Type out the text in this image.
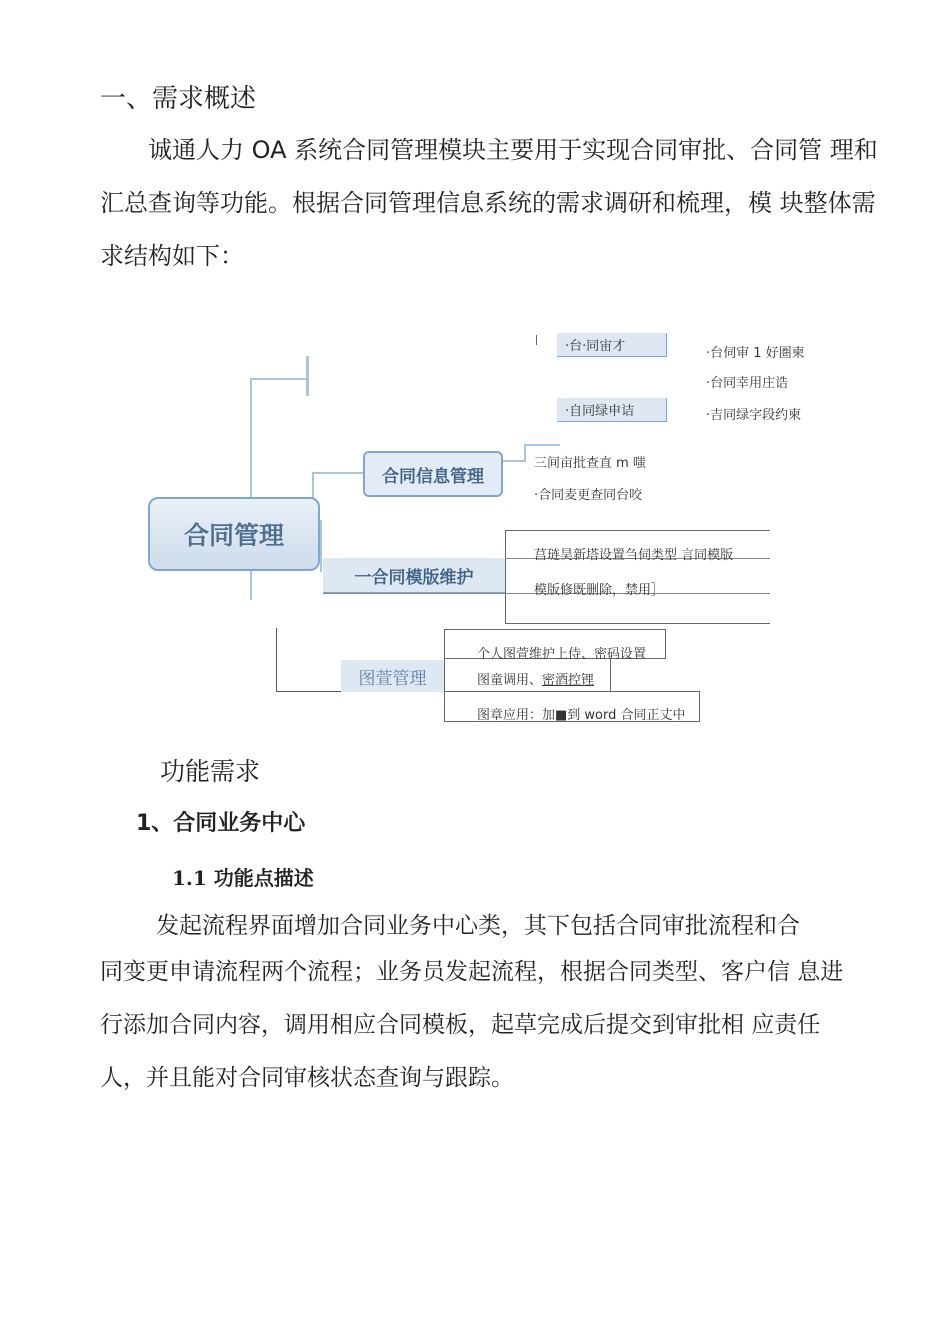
一、需求概述
诚通人力 OA 系统合同管理模块主要用于实现合同审批、合同管 理和
汇总查询等功能。根据合同管理信息系统的需求调研和梳理，模 块整体需
求结构如下：
合同管理
合同信息管理
一合同模版维护
图萱管理
·台·同宙才
·自同绿申诘
·台伺审 1 好圏柬
·台同幸用庄诰
·吉同绿字段约柬
三间亩批查直 m 嗤
·合同麦更查同台咬
莒琏昊新塔设置刍伺类型 言同模版
模版修既删除，禁用］
个人图萱维护上侍、密码设置
图童调用、密酒控锂
图章应用：加■到 word 合同正丈中
功能需求
1、合同业务中心
1.1 功能点描述
发起流程界面增加合同业务中心类，其下包括合同审批流程和合
同变更申请流程两个流程；业务员发起流程，根据合同类型、客户信 息进
行添加合同内容，调用相应合同模板，起草完成后提交到审批相 应责任
人，并且能对合同审核状态查询与跟踪。
